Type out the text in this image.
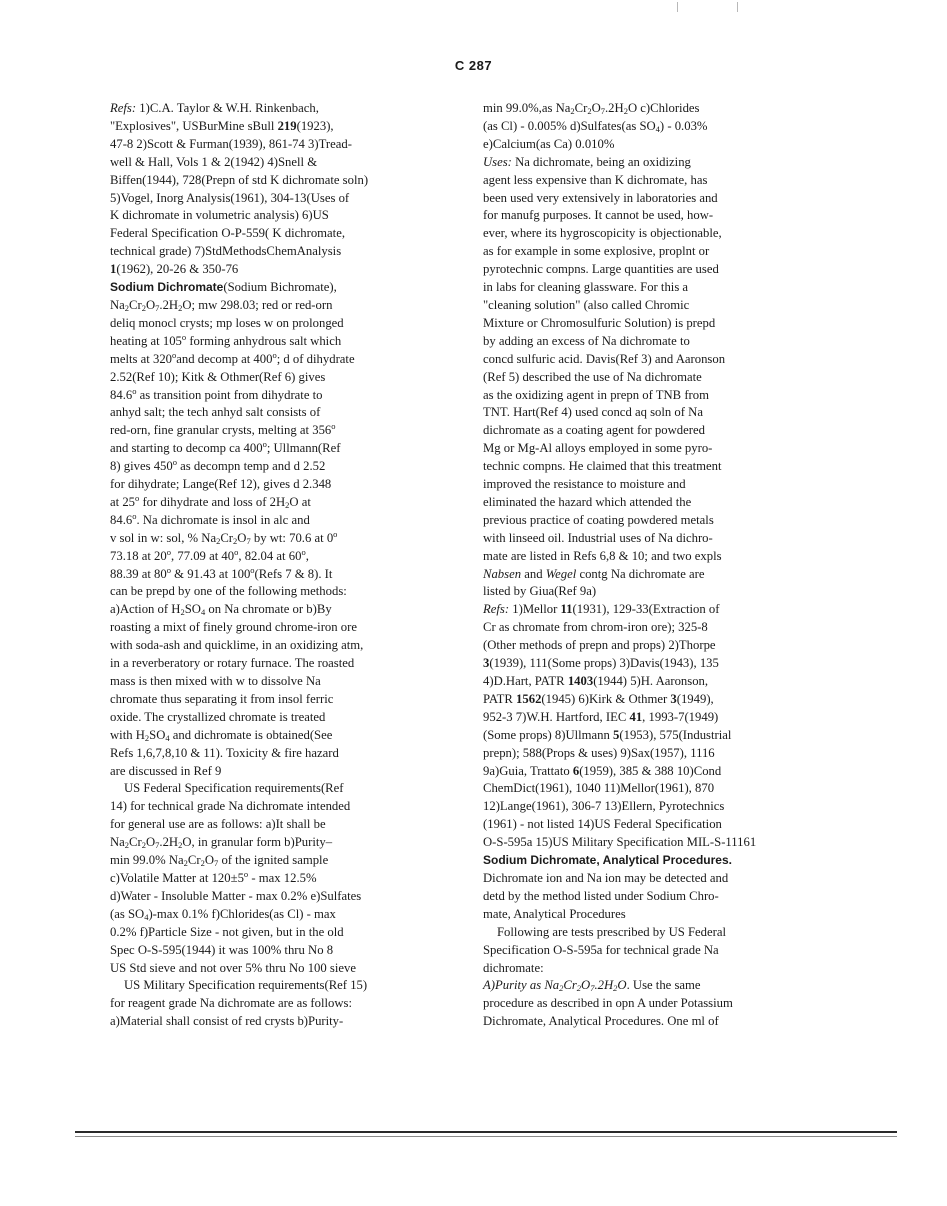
C 287
Refs: 1)C.A. Taylor & W.H. Rinkenbach,
"Explosives", USBurMine sBull 219(1923),
47-8 2)Scott & Furman(1939), 861-74 3)Tread-
well & Hall, Vols 1 & 2(1942) 4)Snell &
Biffen(1944), 728(Prepn of std K dichromate soln)
5)Vogel, Inorg Analysis(1961), 304-13(Uses of
K dichromate in volumetric analysis) 6)US
Federal Specification O-P-559( K dichromate,
technical grade) 7)StdMethodsChemAnalysis
1(1962), 20-26 & 350-76
Sodium Dichromate(Sodium Bichromate),
$Na_2Cr_2O_7.2H_2O$; mw 298.03; red or red-orn
deliq monocl crysts; mp loses w on prolonged
heating at 105$^o$ forming anhydrous salt which
melts at 320$^o$and decomp at 400$^o$; d of dihydrate
2.52(Ref 10); Kitk & Othmer(Ref 6) gives
84.6$^o$ as transition point from dihydrate to
anhyd salt; the tech anhyd salt consists of
red-orn, fine granular crysts, melting at 356$^o$
and starting to decomp ca 400$^o$; Ullmann(Ref
8) gives 450$^o$ as decompn temp and d 2.52
for dihydrate; Lange(Ref 12), gives d 2.348
at 25$^o$ for dihydrate and loss of $2H_2O$ at
84.6$^o$. Na dichromate is insol in alc and
v sol in w: sol, % $Na_2Cr_2O_7$ by wt: 70.6 at 0$^o$
73.18 at 20$^o$, 77.09 at 40$^o$, 82.04 at 60$^o$,
88.39 at 80$^o$ & 91.43 at 100$^o$(Refs 7 & 8). It
can be prepd by one of the following methods:
a)Action of $H_2SO_4$ on Na chromate or b)By
roasting a mixt of finely ground chrome-iron ore
with soda-ash and quicklime, in an oxidizing atm,
in a reverberatory or rotary furnace. The roasted
mass is then mixed with w to dissolve Na
chromate thus separating it from insol ferric
oxide. The crystallized chromate is treated
with $H_2SO_4$ and dichromate is obtained(See
Refs 1,6,7,8,10 & 11). Toxicity & fire hazard
are discussed in Ref 9
US Federal Specification requirements(Ref
14) for technical grade Na dichromate intended
for general use are as follows: a)It shall be
$Na_2Cr_2O_7.2H_2O$, in granular form b)Purity–
min 99.0% $Na_2Cr_2O_7$ of the ignited sample
c)Volatile Matter at $120\pm 5^o - \max 12.5\%$
d)Water - Insoluble Matter - max 0.2% e)Sulfates
(as $SO_4)-\max$ 0.1% f)Chlorides(as Cl) - max
0.2% f)Particle Size - not given, but in the old
Spec O-S-595(1944) it was 100% thru No 8
US Std sieve and not over 5% thru No 100 sieve
US Military Specification requirements(Ref 15)
for reagent grade Na dichromate are as follows:
a)Material shall consist of red crysts b)Purity-
min 99.0%,as $Na_2Cr_2O_7.2H_2O$ c)Chlorides
(as Cl) - 0.005% d)Sulfates(as $SO_4) - 0.03\%$
e)Calcium(as Ca) 0.010%
Uses: Na dichromate, being an oxidizing
agent less expensive than K dichromate, has
been used very extensively in laboratories and
for manufg purposes. It cannot be used, how-
ever, where its hygroscopicity is objectionable,
as for example in some explosive, proplnt or
pyrotechnic compns. Large quantities are used
in labs for cleaning glassware. For this a
"cleaning solution" (also called Chromic
Mixture or Chromosulfuric Solution) is prepd
by adding an excess of Na dichromate to
concd sulfuric acid. Davis(Ref 3) and Aaronson
(Ref 5) described the use of Na dichromate
as the oxidizing agent in prepn of TNB from
TNT. Hart(Ref 4) used concd aq soln of Na
dichromate as a coating agent for powdered
Mg or Mg-Al alloys employed in some pyro-
technic compns. He claimed that this treatment
improved the resistance to moisture and
eliminated the hazard which attended the
previous practice of coating powdered metals
with linseed oil. Industrial uses of Na dichro-
mate are listed in Refs 6,8 & 10; and two expls
Nabsen and Wegel contg Na dichromate are
listed by Giua(Ref 9a)
Refs: 1)Mellor 11(1931), 129-33(Extraction of
Cr as chromate from chrom-iron ore); 325-8
(Other methods of prepn and props) 2)Thorpe
3(1939), 111(Some props) 3)Davis(1943), 135
4)D.Hart, PATR 1403(1944) 5)H. Aaronson,
PATR 1562(1945) 6)Kirk & Othmer 3(1949),
952-3 7)W.H. Hartford, IEC 41, 1993-7(1949)
(Some props) 8)Ullmann 5(1953), 575(Industrial
prepn); 588(Props & uses) 9)Sax(1957), 1116
9a)Guia, Trattato 6(1959), 385 & 388 10)Cond
ChemDict(1961), 1040 11)Mellor(1961), 870
12)Lange(1961), 306-7 13)Ellern, Pyrotechnics
(1961) - not listed 14)US Federal Specification
O-S-595a 15)US Military Specification MIL-S-11161
Sodium Dichromate, Analytical Procedures.
Dichromate ion and Na ion may be detected and
detd by the method listed under Sodium Chro-
mate, Analytical Procedures
Following are tests prescribed by US Federal
Specification O-S-595a for technical grade Na
dichromate:
A)Purity as $Na_2Cr_2O_7.2H_2O$. Use the same
procedure as described in opn A under Potassium
Dichromate, Analytical Procedures. One ml of
